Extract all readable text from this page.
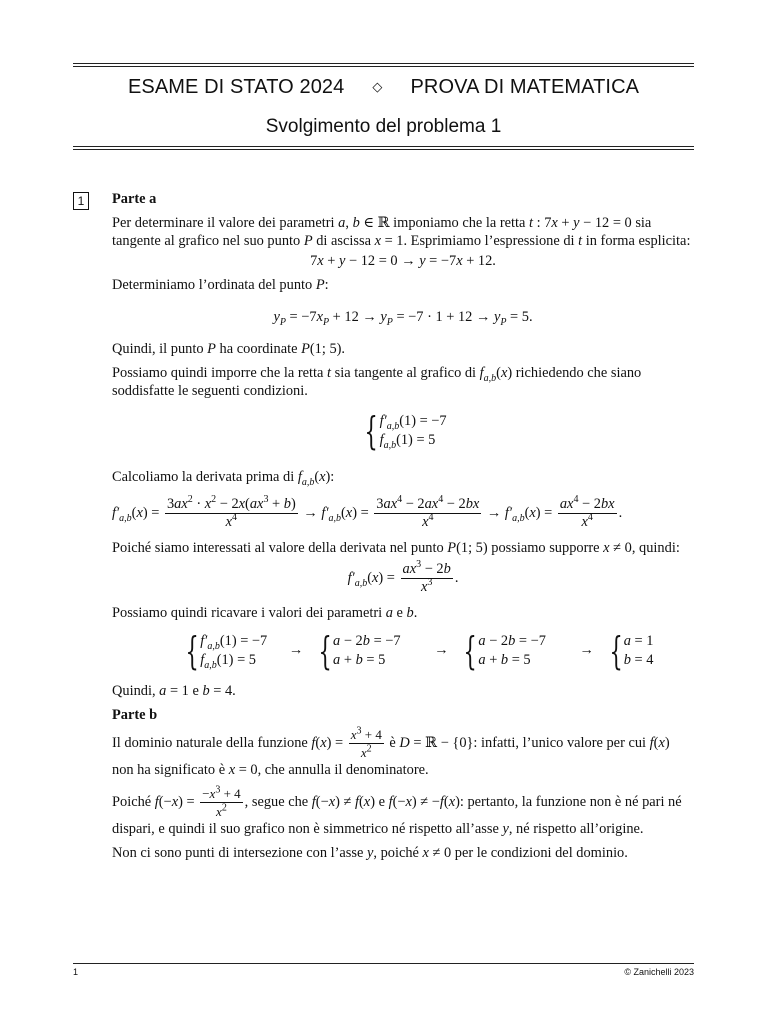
ESAME DI STATO 2024 ◇ PROVA DI MATEMATICA
Svolgimento del problema 1
1	Parte a

Per determinare il valore dei parametri a, b ∈ ℝ imponiamo che la retta t : 7x + y − 12 = 0 sia tangente al grafico nel suo punto P di ascissa x = 1. Esprimiamo l’espressione di t in forma esplicita:

7x + y − 12 = 0 → y = −7x + 12.

Determiniamo l’ordinata del punto P:

$y_P = -7x_P + 12 \to y_P = -7 \cdot 1 + 12 \to y_P = 5$.

Quindi, il punto P ha coordinate P(1; 5).

Possiamo quindi imporre che la retta t sia tangente al grafico di $f_{a,b}(x)$ richiedendo che siano soddisfatte le seguenti condizioni.

{ $f'_{a,b}(1) = -7$
$f_{a,b}(1) = 5$

Calcoliamo la derivata prima di $f_{a,b}(x)$:

$f'_{a,b}(x) = \frac{3ax^2 \cdot x^2 - 2x(ax^3 + b)}{x^4} \to f'_{a,b}(x) = \frac{3ax^4 - 2ax^4 - 2bx}{x^4} \to f'_{a,b}(x) = \frac{ax^4 - 2bx}{x^4}$ .

Poiché siamo interessati al valore della derivata nel punto P(1; 5) possiamo supporre x ≠ 0, quindi:

$f'_{a,b}(x) = \frac{ax^3 - 2b}{x^3}$ .

Possiamo quindi ricavare i valori dei parametri a e b.

{ $f'_{a,b}(1) = -7$
$f_{a,b}(1) = 5$
→ { a − 2b = −7
a + b = 5
→ { a − 2b = −7
a + b = 5
→ { a = 1
b = 4

Quindi, a = 1 e b = 4.

Parte b

Il dominio naturale della funzione $f(x) = \frac{x^3 + 4}{x^2}$ è D = ℝ − {0}: infatti, l’unico valore per cui f(x) non ha significato è x = 0, che annulla il denominatore.

Poiché $f(-x) = \frac{-x^3 + 4}{x^2}$ , segue che f(−x) ≠ f(x) e f(−x) ≠ −f(x): pertanto, la funzione non è né pari né dispari, e quindi il suo grafico non è simmetrico né rispetto all’asse y, né rispetto all’origine.

Non ci sono punti di intersezione con l’asse y, poiché x ≠ 0 per le condizioni del dominio.

1	© Zanichelli 2023
